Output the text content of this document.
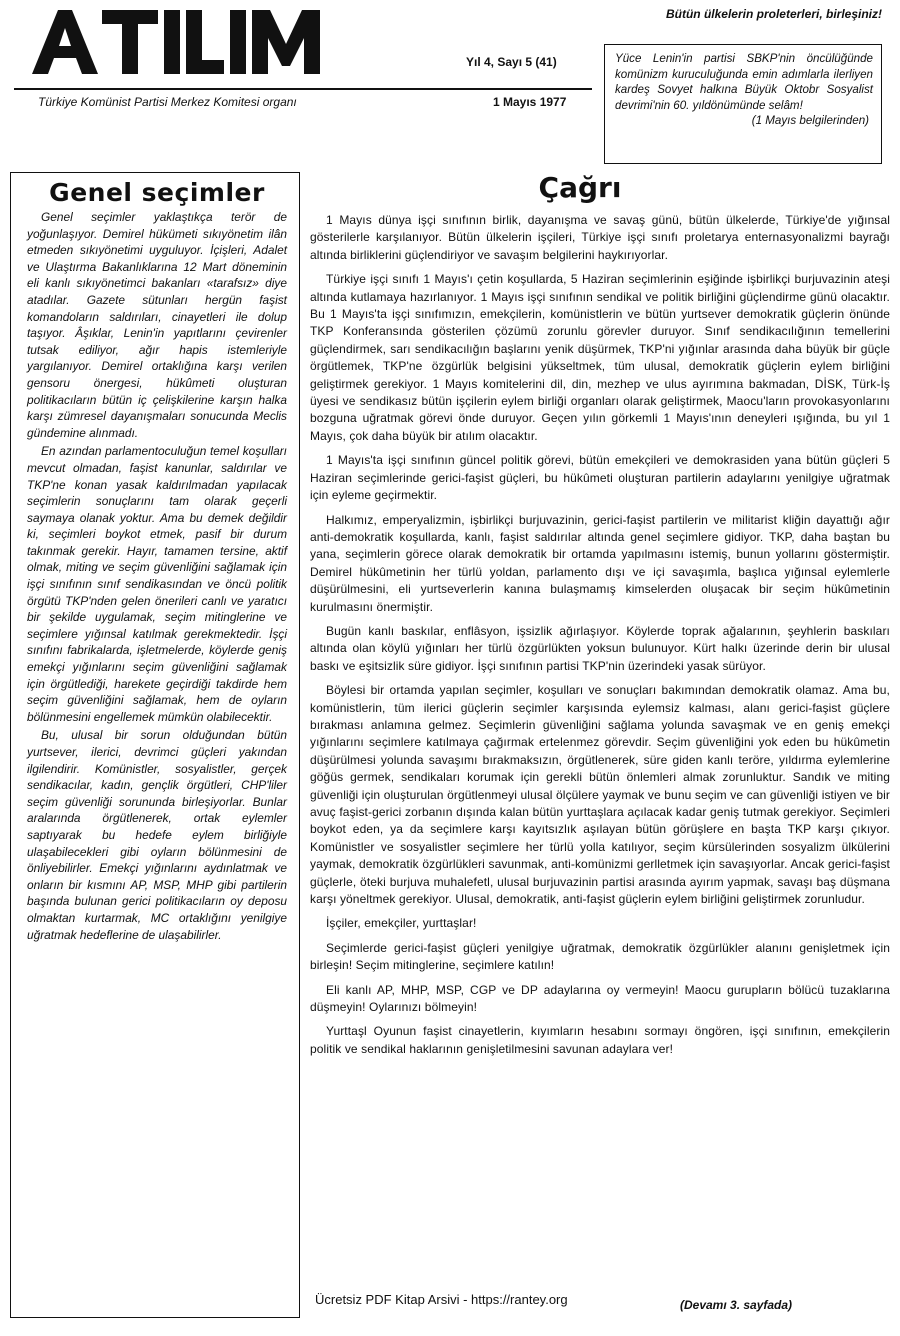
Yıl 4, Sayı 5 (41)
Türkiye Komünist Partisi Merkez Komitesi organı	1 Mayıs 1977
Bütün ülkelerin proleterleri, birleşiniz!
Yüce Lenin'in partisi SBKP'nin öncülüğünde komünizm kuruculuğunda emin adımlarla ilerliyen kardeş Sovyet halkına Büyük Oktobr Sosyalist devrimi'nin 60. yıldönümünde selâm!
(1 Mayıs belgilerinden)
Genel seçimler

Genel seçimler yaklaştıkça terör de yoğunlaşıyor. Demirel hükümeti sıkıyönetim ilân etmeden sıkıyönetimi uyguluyor. İçişleri, Adalet ve Ulaştırma Bakanlıklarına 12 Mart döneminin eli kanlı sıkıyönetimci bakanları «tarafsız» diye atadılar. Gazete sütunları hergün faşist komandoların saldırıları, cinayetleri ile dolup taşıyor. Âşıklar, Lenin'in yapıtlarını çevirenler tutsak ediliyor, ağır hapis istemleriyle yargılanıyor. Demirel ortaklığına karşı verilen gensoru önergesi, hükûmeti oluşturan politikacıların bütün iç çelişkilerine karşın halka karşı zümresel dayanışmaları sonucunda Meclis gündemine alınmadı.

En azından parlamentoculuğun temel koşulları mevcut olmadan, faşist kanunlar, saldırılar ve TKP'ne konan yasak kaldırılmadan yapılacak seçimlerin sonuçlarını tam olarak geçerli saymaya olanak yoktur. Ama bu demek değildir ki, seçimleri boykot etmek, pasif bir durum takınmak gerekir. Hayır, tamamen tersine, aktif olmak, miting ve seçim güvenliğini sağlamak için işçi sınıfının sınıf sendikasından ve öncü politik örgütü TKP'nden gelen önerileri canlı ve yaratıcı bir şekilde uygulamak, seçim mitinglerine ve seçimlere yığınsal katılmak gerekmektedir. İşçi sınıfını fabrikalarda, işletmelerde, köylerde geniş emekçi yığınlarını seçim güvenliğini sağlamak için örgütlediği, harekete geçirdiği takdirde hem seçim güvenliğini sağlamak, hem de oyların bölünmesini engellemek mümkün olabilecektir.

Bu, ulusal bir sorun olduğundan bütün yurtsever, ilerici, devrimci güçleri yakından ilgilendirir. Komünistler, sosyalistler, gerçek sendikacılar, kadın, gençlik örgütleri, CHP'liler seçim güvenliği sorununda birleşiyorlar. Bunlar aralarında örgütlenerek, ortak eylemler saptıyarak bu hedefe eylem birliğiyle ulaşabilecekleri gibi oyların bölünmesini de önliyebilirler. Emekçi yığınlarını aydınlatmak ve onların bir kısmını AP, MSP, MHP gibi partilerin başında bulunan gerici politikacıların oy deposu olmaktan kurtarmak, MC ortaklığını yenilgiye uğratmak hedeflerine de ulaşabilirler.

Çağrı

1 Mayıs dünya işçi sınıfının birlik, dayanışma ve savaş günü, bütün ülkelerde, Türkiye'de yığınsal gösterilerle karşılanıyor. Bütün ülkelerin işçileri, Türkiye işçi sınıfı proletarya enternasyonalizmi bayrağı altında birliklerini güçlendiriyor ve savaşım belgilerini haykırıyorlar.

Türkiye işçi sınıfı 1 Mayıs'ı çetin koşullarda, 5 Haziran seçimlerinin eşiğinde işbirlikçi burjuvazinin ateşi altında kutlamaya hazırlanıyor. 1 Mayıs işçi sınıfının sendikal ve politik birliğini güçlendirme günü olacaktır. Bu 1 Mayıs'ta işçi sınıfımızın, emekçilerin, komünistlerin ve bütün yurtsever demokratik güçlerin önünde TKP Konferansında gösterilen çözümü zorunlu görevler duruyor. Sınıf sendikacılığının temellerini güçlendirmek, sarı sendikacılığın başlarını yenik düşürmek, TKP'ni yığınlar arasında daha büyük bir güçle örgütlemek, TKP'ne özgürlük belgisini yükseltmek, tüm ulusal, demokratik güçlerin eylem birliğini geliştirmek gerekiyor. 1 Mayıs komitelerini dil, din, mezhep ve ulus ayırımına bakmadan, DİSK, Türk-İş üyesi ve sendikasız bütün işçilerin eylem birliği organları olarak geliştirmek, Maocu'ların provokasyonlarını bozguna uğratmak görevi önde duruyor. Geçen yılın görkemli 1 Mayıs'ının deneyleri ışığında, bu yıl 1 Mayıs, çok daha büyük bir atılım olacaktır.

1 Mayıs'ta işçi sınıfının güncel politik görevi, bütün emekçileri ve demokrasiden yana bütün güçleri 5 Haziran seçimlerinde gerici-faşist güçleri, bu hükûmeti oluşturan partilerin adaylarını yenilgiye uğratmak için eyleme geçirmektir.

Halkımız, emperyalizmin, işbirlikçi burjuvazinin, gerici-faşist partilerin ve militarist kliğin dayattığı ağır anti-demokratik koşullarda, kanlı, faşist saldırılar altında genel seçimlere gidiyor. TKP, daha baştan bu yana, seçimlerin görece olarak demokratik bir ortamda yapılmasını istemiş, bunun yollarını göstermiştir. Demirel hükûmetinin her türlü yoldan, parlamento dışı ve içi savaşımla, başlıca yığınsal eylemlerle düşürülmesini, eli yurtseverlerin kanına bulaşmamış kimselerden oluşacak bir seçim hükûmetinin kurulmasını önermiştir.

Bugün kanlı baskılar, enflâsyon, işsizlik ağırlaşıyor. Köylerde toprak ağalarının, şeyhlerin baskıları altında olan köylü yığınları her türlü özgürlükten yoksun bulunuyor. Kürt halkı üzerinde derin bir ulusal baskı ve eşitsizlik süre gidiyor. İşçi sınıfının partisi TKP'nin üzerindeki yasak sürüyor.

Böylesi bir ortamda yapılan seçimler, koşulları ve sonuçları bakımından demokratik olamaz. Ama bu, komünistlerin, tüm ilerici güçlerin seçimler karşısında eylemsiz kalması, alanı gerici-faşist güçlere bırakması anlamına gelmez. Seçimlerin güvenliğini sağlama yolunda savaşmak ve en geniş emekçi yığınlarını seçimlere katılmaya çağırmak ertelenmez görevdir. Seçim güvenliğini yok eden bu hükûmetin düşürülmesi yolunda savaşımı bırakmaksızın, örgütlenerek, süre giden kanlı teröre, yıldırma eylemlerine göğüs germek, sendikaları korumak için gerekli bütün önlemleri almak zorunluktur. Sandık ve miting güvenliği için oluşturulan örgütlenmeyi ulusal ölçülere yaymak ve bunu seçim ve can güvenliği istiyen ve bir avuç faşist-gerici zorbanın dışında kalan bütün yurttaşlara açılacak kadar geniş tutmak gerekiyor. Seçimleri boykot eden, ya da seçimlere karşı kayıtsızlık aşılayan bütün görüşlere en başta TKP karşı çıkıyor. Komünistler ve sosyalistler seçimlere her türlü yolla katılıyor, seçim kürsülerinden sosyalizm ülkülerini yaymak, demokratik özgürlükleri savunmak, anti-komünizmi gerlletmek için savaşıyorlar. Ancak gerici-faşist güçlerle, öteki burjuva muhalefetl, ulusal burjuvazinin partisi arasında ayırım yapmak, savaşı baş düşmana karşı yöneltmek gerekiyor. Ulusal, demokratik, anti-faşist güçlerin eylem birliğini geliştirmek zorunludur.

İşçiler, emekçiler, yurttaşlar!

Seçimlerde gerici-faşist güçleri yenilgiye uğratmak, demokratik özgürlükler alanını genişletmek için birleşin! Seçim mitinglerine, seçimlere katılın!

Eli kanlı AP, MHP, MSP, CGP ve DP adaylarına oy vermeyin! Maocu gurupların bölücü tuzaklarına düşmeyin! Oylarınızı bölmeyin!

Yurttaşl Oyunun faşist cinayetlerin, kıyımların hesabını sormayı öngören, işçi sınıfının, emekçilerin politik ve sendikal haklarının genişletilmesini savunan adaylara ver!

Ücretsiz PDF Kitap Arsivi - https://rantey.org	(Devamı 3. sayfada)
